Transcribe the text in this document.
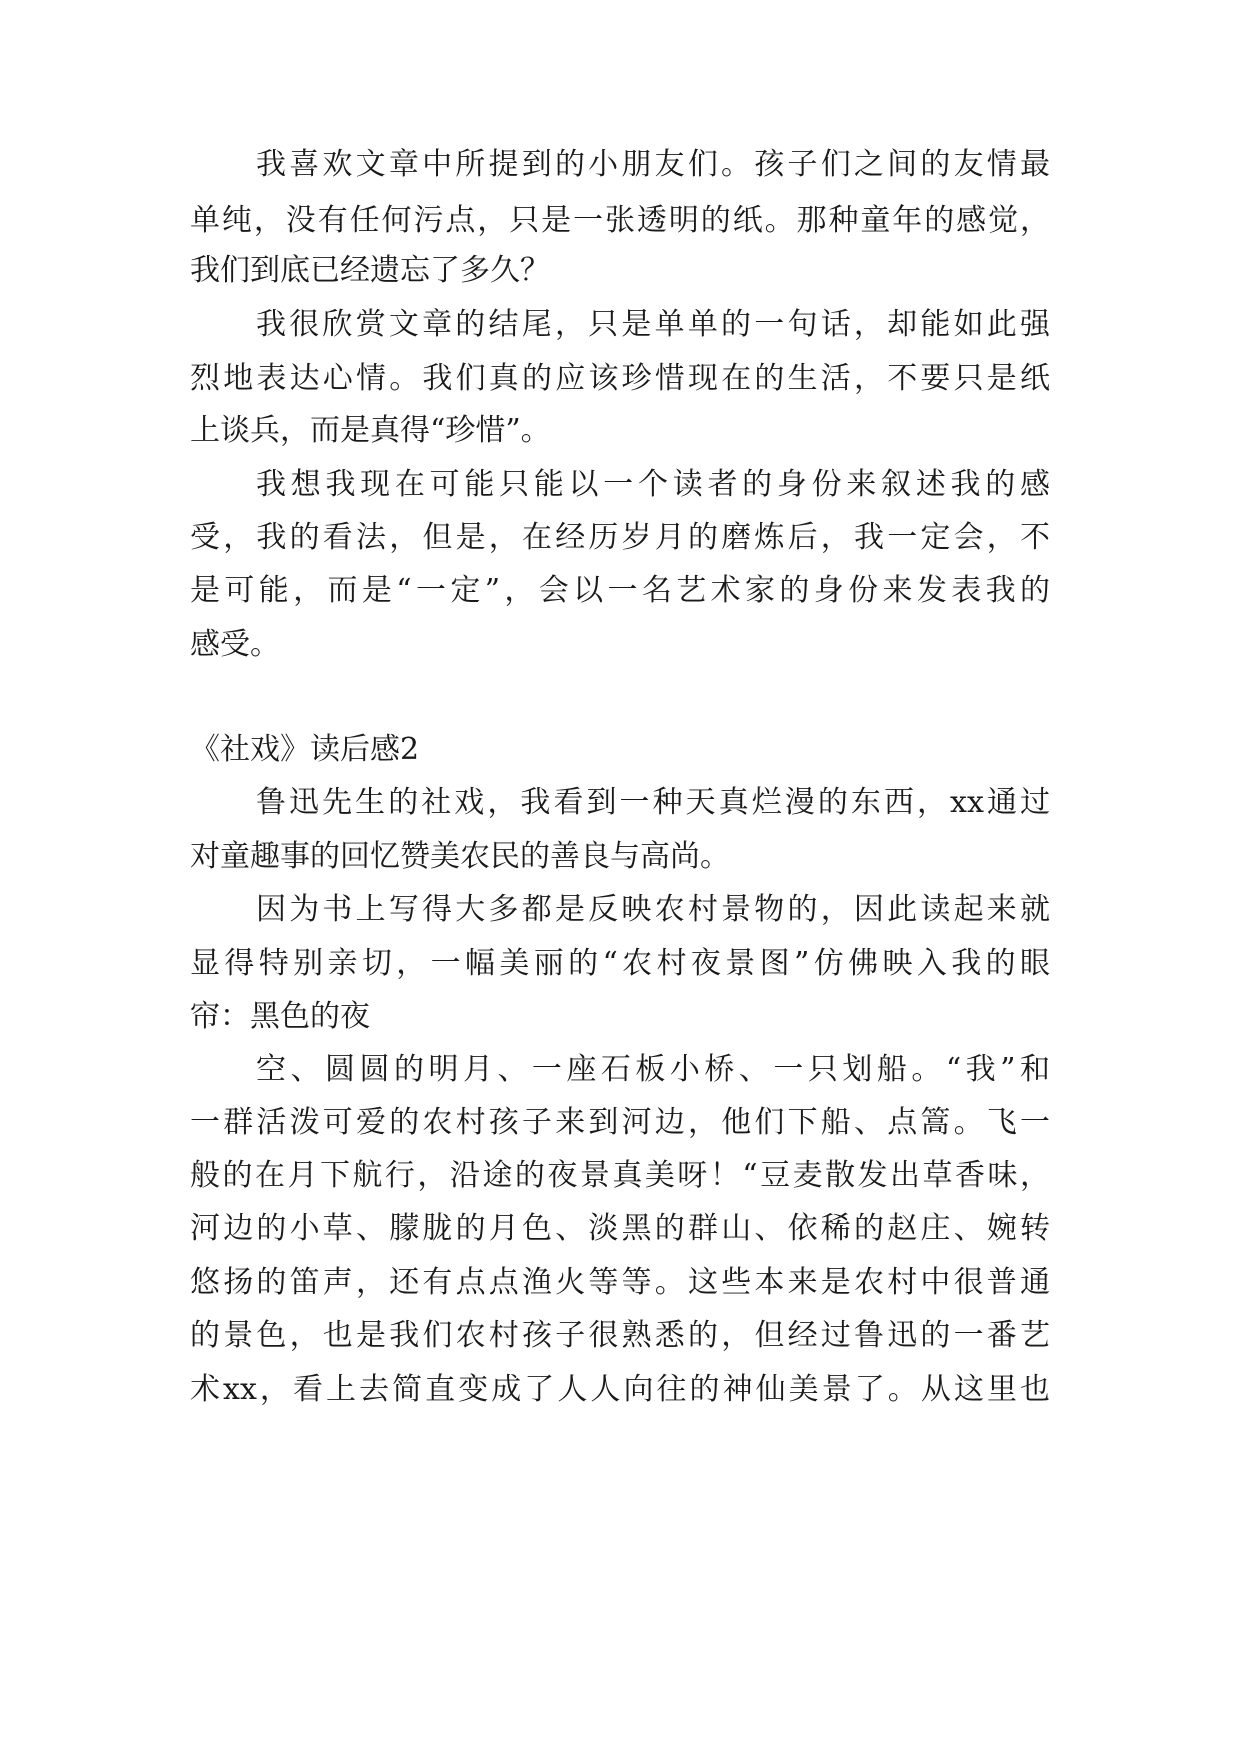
我喜欢文章中所提到的小朋友们。孩子们之间的友情最
单纯，没有任何污点，只是一张透明的纸。那种童年的感觉，
我们到底已经遗忘了多久？
我很欣赏文章的结尾，只是单单的一句话，却能如此强
烈地表达心情。我们真的应该珍惜现在的生活，不要只是纸
上谈兵，而是真得“珍惜”。
我想我现在可能只能以一个读者的身份来叙述我的感
受，我的看法，但是，在经历岁月的磨炼后，我一定会，不
是可能，而是“一定”，会以一名艺术家的身份来发表我的
感受。
《社戏》读后感2
鲁迅先生的社戏，我看到一种天真烂漫的东西，xx通过
对童趣事的回忆赞美农民的善良与高尚。
因为书上写得大多都是反映农村景物的，因此读起来就
显得特别亲切，一幅美丽的“农村夜景图”仿佛映入我的眼
帘：黑色的夜
空、圆圆的明月、一座石板小桥、一只划船。“我”和
一群活泼可爱的农村孩子来到河边，他们下船、点篙。飞一
般的在月下航行，沿途的夜景真美呀！“豆麦散发出草香味，
河边的小草、朦胧的月色、淡黑的群山、依稀的赵庄、婉转
悠扬的笛声，还有点点渔火等等。这些本来是农村中很普通
的景色，也是我们农村孩子很熟悉的，但经过鲁迅的一番艺
术xx，看上去简直变成了人人向往的神仙美景了。从这里也
